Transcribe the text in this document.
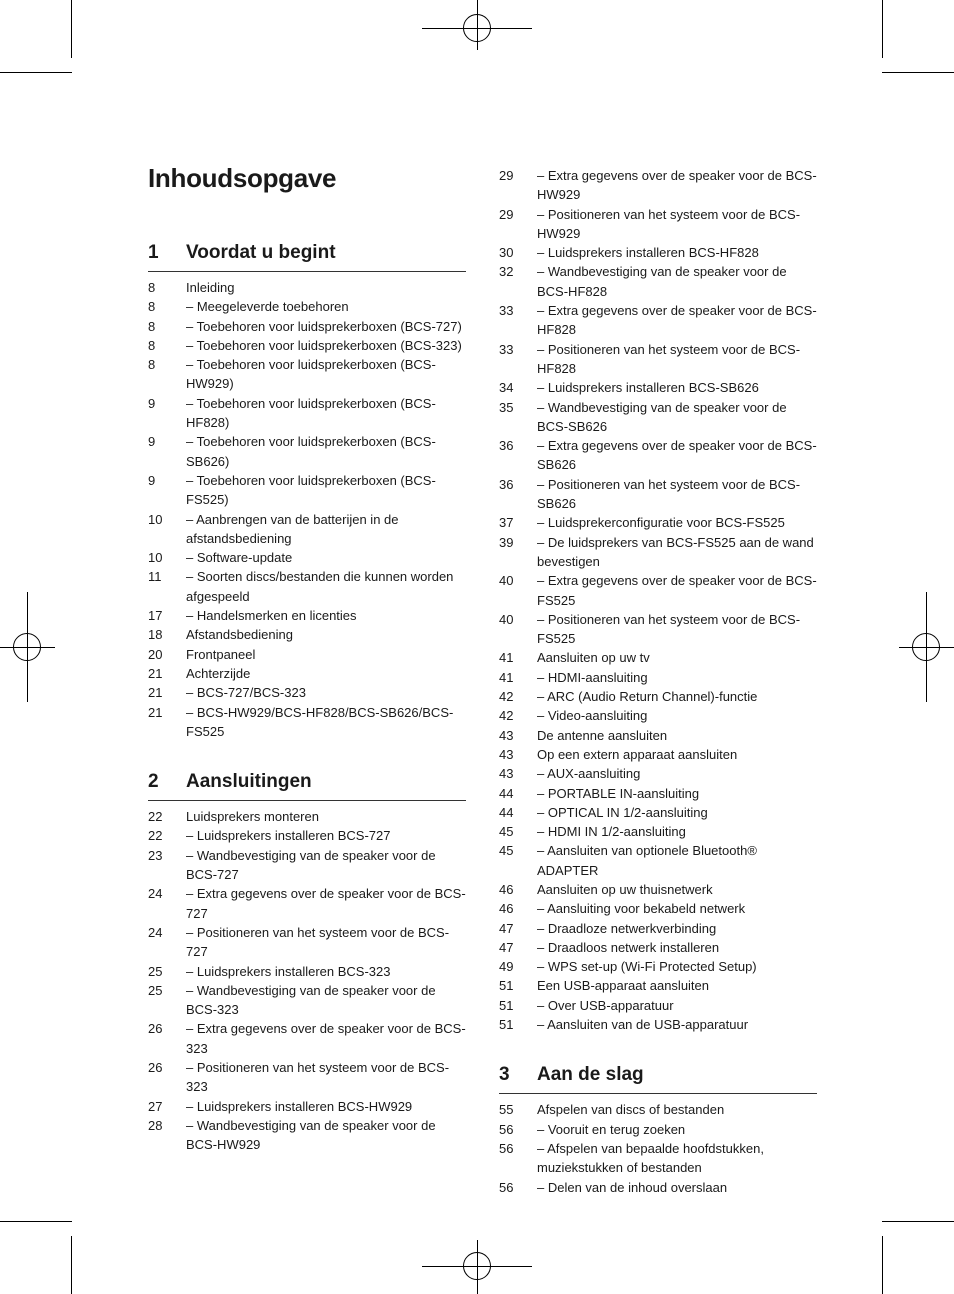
Inhoudsopgave
1	Voordat u begint
8	Inleiding
8	– Meegeleverde toebehoren
8	– Toebehoren voor luidsprekerboxen (BCS-727)
8	– Toebehoren voor luidsprekerboxen (BCS-323)
8	– Toebehoren voor luidsprekerboxen (BCS-HW929)
9	– Toebehoren voor luidsprekerboxen (BCS-HF828)
9	– Toebehoren voor luidsprekerboxen (BCS-SB626)
9	– Toebehoren voor luidsprekerboxen (BCS-FS525)
10	– Aanbrengen van de batterijen in de afstandsbediening
10	– Software-update
11	– Soorten discs/bestanden die kunnen worden afgespeeld
17	– Handelsmerken en licenties
18	Afstandsbediening
20	Frontpaneel
21	Achterzijde
21	– BCS-727/BCS-323
21	– BCS-HW929/BCS-HF828/BCS-SB626/BCS-FS525
2	Aansluitingen
22	Luidsprekers monteren
22	– Luidsprekers installeren BCS-727
23	– Wandbevestiging van de speaker voor de BCS-727
24	– Extra gegevens over de speaker voor de BCS-727
24	– Positioneren van het systeem voor de BCS-727
25	– Luidsprekers installeren BCS-323
25	– Wandbevestiging van de speaker voor de BCS-323
26	– Extra gegevens over de speaker voor de BCS-323
26	– Positioneren van het systeem voor de BCS-323
27	– Luidsprekers installeren BCS-HW929
28	– Wandbevestiging van de speaker voor de BCS-HW929
29	– Extra gegevens over de speaker voor de BCS-HW929
29	– Positioneren van het systeem voor de BCS-HW929
30	– Luidsprekers installeren BCS-HF828
32	– Wandbevestiging van de speaker voor de BCS-HF828
33	– Extra gegevens over de speaker voor de BCS-HF828
33	– Positioneren van het systeem voor de BCS-HF828
34	– Luidsprekers installeren BCS-SB626
35	– Wandbevestiging van de speaker voor de BCS-SB626
36	– Extra gegevens over de speaker voor de BCS-SB626
36	– Positioneren van het systeem voor de BCS-SB626
37	– Luidsprekerconfiguratie voor BCS-FS525
39	– De luidsprekers van BCS-FS525 aan de wand bevestigen
40	– Extra gegevens over de speaker voor de BCS-FS525
40	– Positioneren van het systeem voor de BCS-FS525
41	Aansluiten op uw tv
41	– HDMI-aansluiting
42	– ARC (Audio Return Channel)-functie
42	– Video-aansluiting
43	De antenne aansluiten
43	Op een extern apparaat aansluiten
43	– AUX-aansluiting
44	– PORTABLE IN-aansluiting
44	– OPTICAL IN 1/2-aansluiting
45	– HDMI IN 1/2-aansluiting
45	– Aansluiten van optionele Bluetooth® ADAPTER
46	Aansluiten op uw thuisnetwerk
46	– Aansluiting voor bekabeld netwerk
47	– Draadloze netwerkverbinding
47	– Draadloos netwerk installeren
49	– WPS set-up (Wi-Fi Protected Setup)
51	Een USB-apparaat aansluiten
51	– Over USB-apparatuur
51	– Aansluiten van de USB-apparatuur
3	Aan de slag
55	Afspelen van discs of bestanden
56	– Vooruit en terug zoeken
56	– Afspelen van bepaalde hoofdstukken, muziekstukken of bestanden
56	– Delen van de inhoud overslaan
